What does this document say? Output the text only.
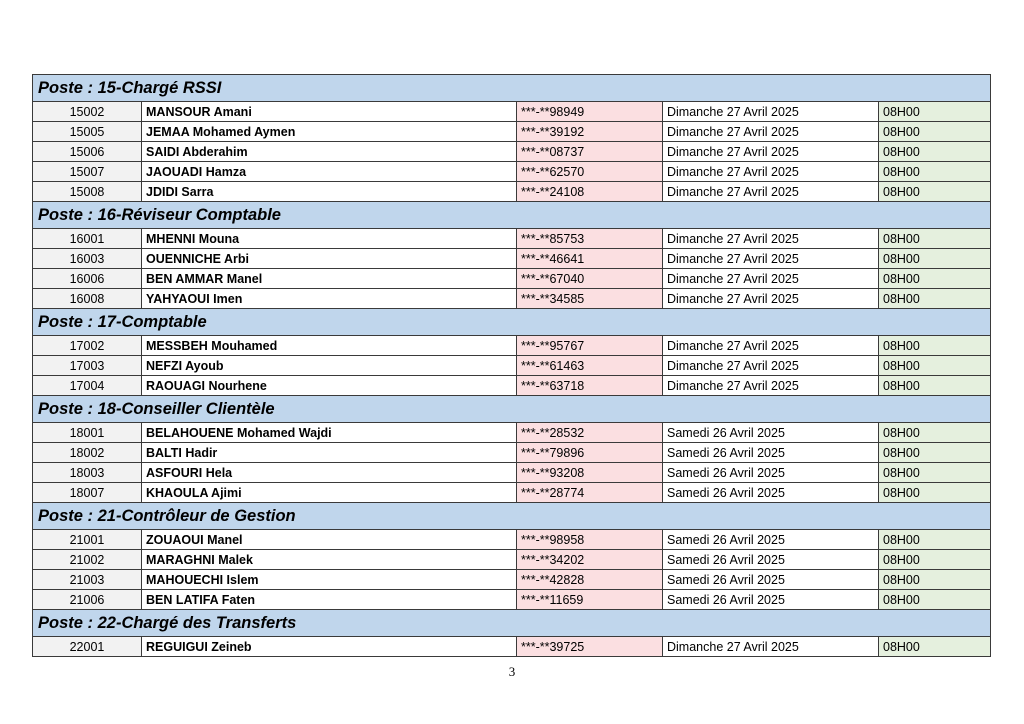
Poste : 15-Chargé RSSI				
15002	MANSOUR Amani	***-**98949	Dimanche 27 Avril 2025	08H00
15005	JEMAA Mohamed Aymen	***-**39192	Dimanche 27 Avril 2025	08H00
15006	SAIDI Abderahim	***-**08737	Dimanche 27 Avril 2025	08H00
15007	JAOUADI Hamza	***-**62570	Dimanche 27 Avril 2025	08H00
15008	JDIDI Sarra	***-**24108	Dimanche 27 Avril 2025	08H00
Poste : 16-Réviseur Comptable				
16001	MHENNI Mouna	***-**85753	Dimanche 27 Avril 2025	08H00
16003	OUENNICHE Arbi	***-**46641	Dimanche 27 Avril 2025	08H00
16006	BEN AMMAR Manel	***-**67040	Dimanche 27 Avril 2025	08H00
16008	YAHYAOUI Imen	***-**34585	Dimanche 27 Avril 2025	08H00
Poste : 17-Comptable				
17002	MESSBEH Mouhamed	***-**95767	Dimanche 27 Avril 2025	08H00
17003	NEFZI Ayoub	***-**61463	Dimanche 27 Avril 2025	08H00
17004	RAOUAGI Nourhene	***-**63718	Dimanche 27 Avril 2025	08H00
Poste : 18-Conseiller Clientèle				
18001	BELAHOUENE Mohamed Wajdi	***-**28532	Samedi 26 Avril 2025	08H00
18002	BALTI Hadir	***-**79896	Samedi 26 Avril 2025	08H00
18003	ASFOURI Hela	***-**93208	Samedi 26 Avril 2025	08H00
18007	KHAOULA Ajimi	***-**28774	Samedi 26 Avril 2025	08H00
Poste : 21-Contrôleur de Gestion				
21001	ZOUAOUI Manel	***-**98958	Samedi 26 Avril 2025	08H00
21002	MARAGHNI Malek	***-**34202	Samedi 26 Avril 2025	08H00
21003	MAHOUECHI Islem	***-**42828	Samedi 26 Avril 2025	08H00
21006	BEN LATIFA Faten	***-**11659	Samedi 26 Avril 2025	08H00
Poste : 22-Chargé des Transferts				
22001	REGUIGUI Zeineb	***-**39725	Dimanche 27 Avril 2025	08H00
3
